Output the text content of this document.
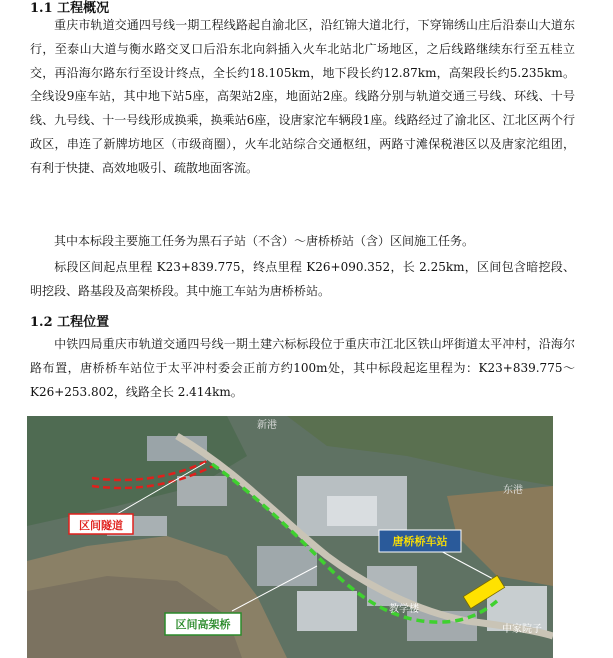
1.1 工程概况

重庆市轨道交通四号线一期工程线路起自渝北区，沿红锦大道北行，下穿锦绣山庄后沿泰山大道东行，至泰山大道与衡水路交叉口后沿东北向斜插入火车北站北广场地区，之后线路继续东行至五桂立交，再沿海尔路东行至设计终点，全长约18.105km，地下段长约12.87km，高架段长约5.235km。全线设9座车站，其中地下站5座，高架站2座，地面站2座。线路分别与轨道交通三号线、环线、十号线、九号线、十一号线形成换乘，换乘站6座，设唐家沱车辆段1座。线路经过了渝北区、江北区两个行政区，串连了新牌坊地区（市级商圈），火车北站综合交通枢纽，两路寸滩保税港区以及唐家沱组团，有利于快捷、高效地吸引、疏散地面客流。

其中本标段主要施工任务为黑石子站（不含）～唐桥桥站（含）区间施工任务。

标段区间起点里程 K23+839.775，终点里程 K26+090.352，长 2.25km，区间包含暗挖段、明挖段、路基段及高架桥段。其中施工车站为唐桥桥站。

1.2 工程位置

中铁四局重庆市轨道交通四号线一期土建六标标段位于重庆市江北区铁山坪街道太平冲村，沿海尔路布置，唐桥桥车站位于太平冲村委会正前方约100m处，其中标段起迄里程为：K23+839.775～K26+253.802，线路全长 2.414km。

区间隧道
唐桥桥车站
区间高架桥
教学楼
中家院子
新港
东港
